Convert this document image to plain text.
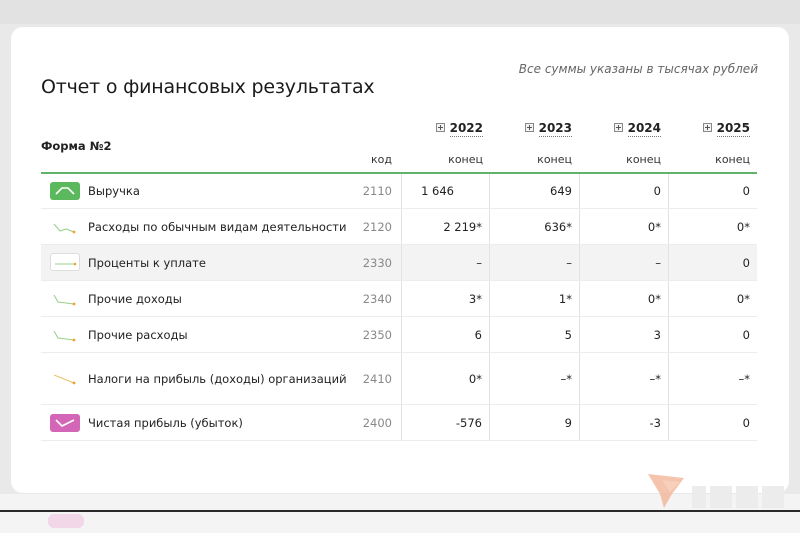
Отчет о финансовых результатах
Все суммы указаны в тысячах рублей
Форма №2
код
2022	2023	2024	2025
конец	конец	конец	конец
Выручка	2110	1 646	649	0	0
Расходы по обычным видам деятельности	2120	2 219*	636*	0*	0*
Проценты к уплате	2330	–	–	–	0
Прочие доходы	2340	3*	1*	0*	0*
Прочие расходы	2350	6	5	3	0
Налоги на прибыль (доходы) организаций	2410	0*	–*	–*	–*
Чистая прибыль (убыток)	2400	-576	9	-3	0
